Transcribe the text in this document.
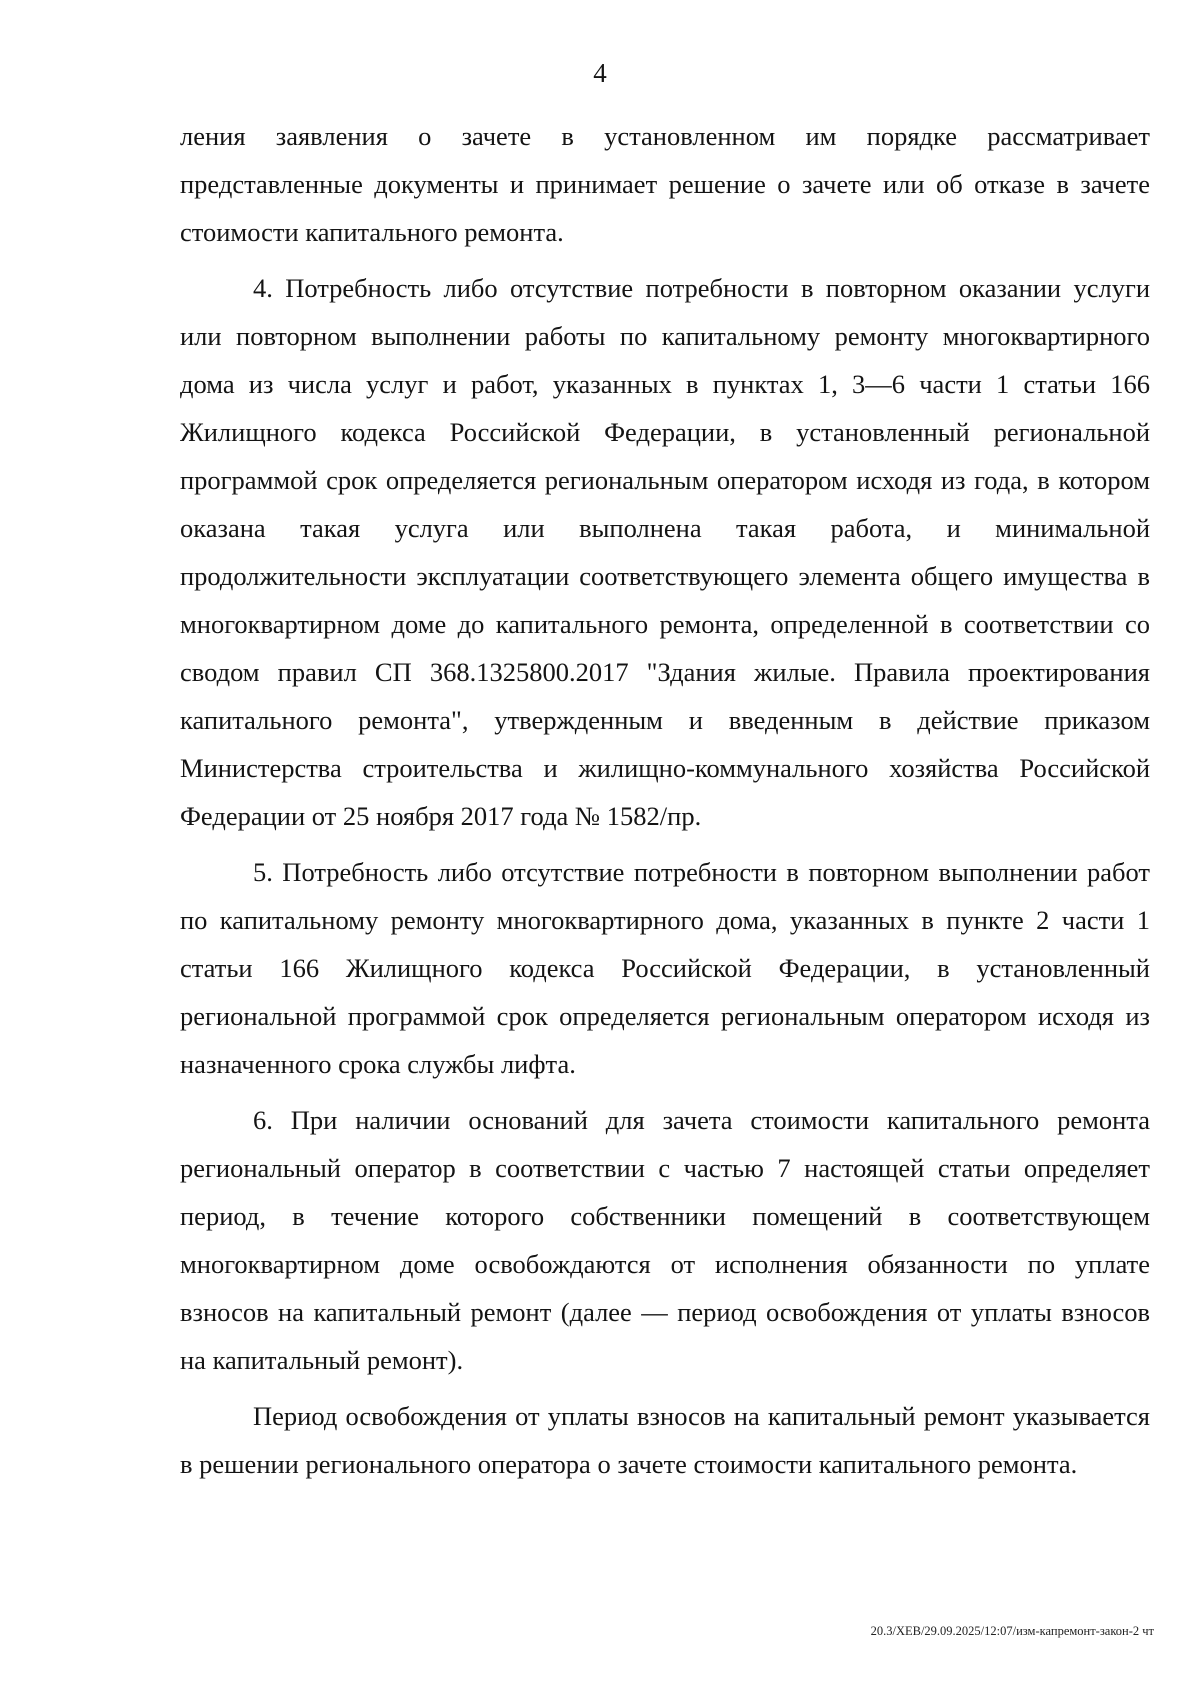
4

ления заявления о зачете в установленном им порядке рассматривает представленные документы и принимает решение о зачете или об отказе в зачете стоимости капитального ремонта.

4. Потребность либо отсутствие потребности в повторном оказании услуги или повторном выполнении работы по капитальному ремонту многоквартирного дома из числа услуг и работ, указанных в пунктах 1, 3—6 части 1 статьи 166 Жилищного кодекса Российской Федерации, в установленный региональной программой срок определяется региональным оператором исходя из года, в котором оказана такая услуга или выполнена такая работа, и минимальной продолжительности эксплуатации соответствующего элемента общего имущества в многоквартирном доме до капитального ремонта, определенной в соответствии со сводом правил СП 368.1325800.2017 "Здания жилые. Правила проектирования капитального ремонта", утвержденным и введенным в действие приказом Министерства строительства и жилищно-коммунального хозяйства Российской Федерации от 25 ноября 2017 года № 1582/пр.

5. Потребность либо отсутствие потребности в повторном выполнении работ по капитальному ремонту многоквартирного дома, указанных в пункте 2 части 1 статьи 166 Жилищного кодекса Российской Федерации, в установленный региональной программой срок определяется региональным оператором исходя из назначенного срока службы лифта.

6. При наличии оснований для зачета стоимости капитального ремонта региональный оператор в соответствии с частью 7 настоящей статьи определяет период, в течение которого собственники помещений в соответствующем многоквартирном доме освобождаются от исполнения обязанности по уплате взносов на капитальный ремонт (далее — период освобождения от уплаты взносов на капитальный ремонт).

Период освобождения от уплаты взносов на капитальный ремонт указывается в решении регионального оператора о зачете стоимости капитального ремонта.

20.3/ХЕВ/29.09.2025/12:07/изм-капремонт-закон-2 чт
